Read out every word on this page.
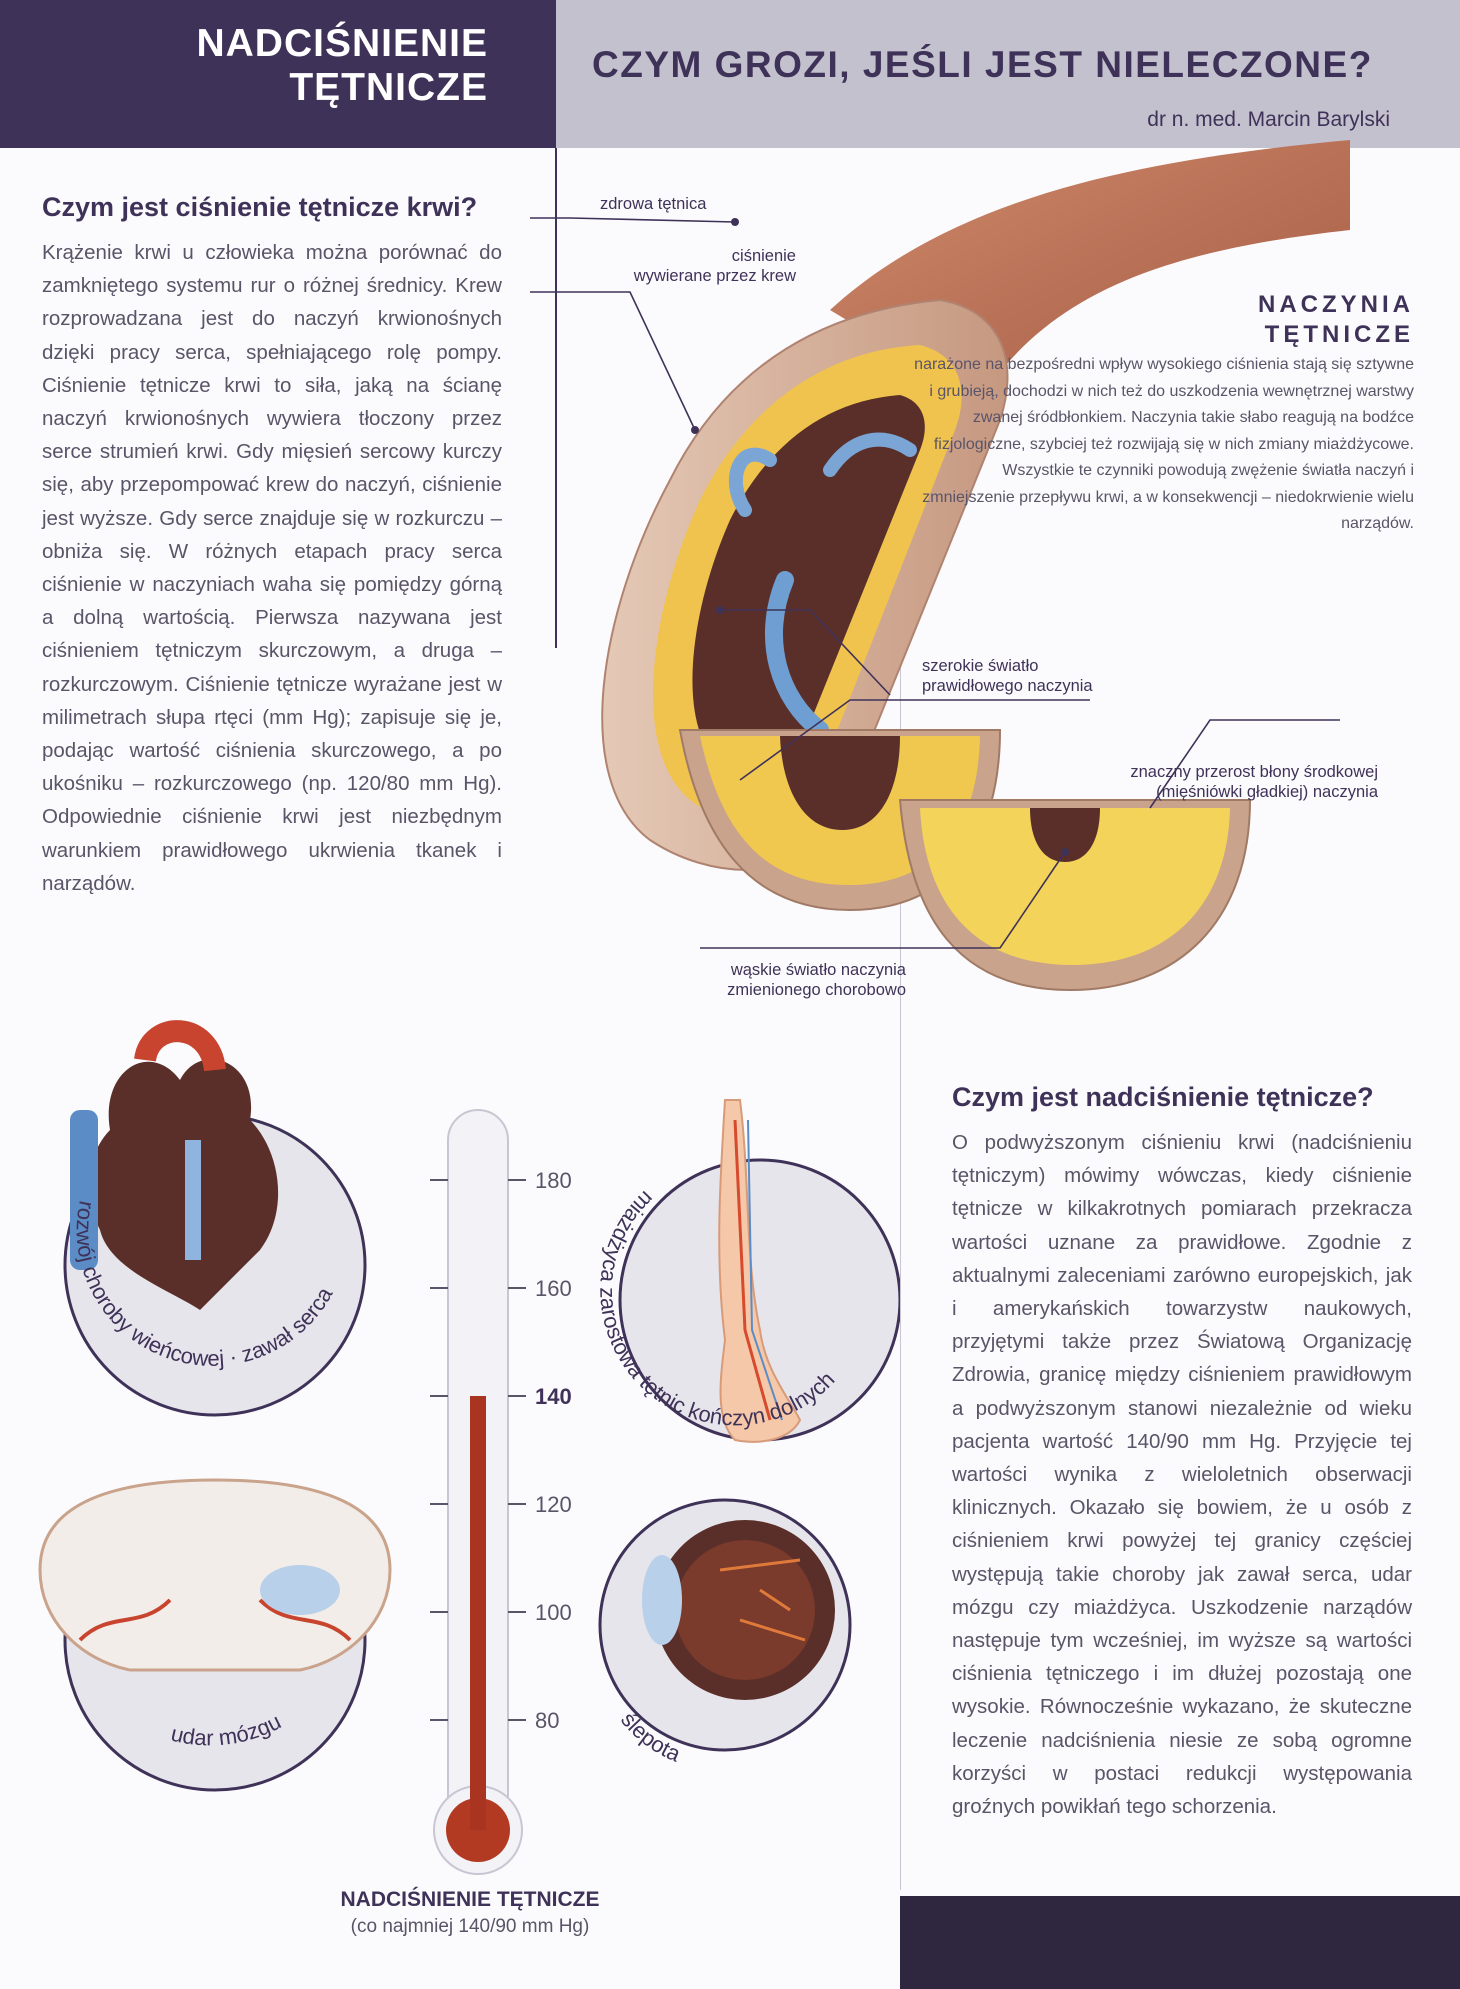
NADCIŚNIENIE
TĘTNICZE
CZYM GROZI, JEŚLI JEST NIELECZONE?
dr n. med. Marcin Barylski
Czym jest ciśnienie tętnicze krwi?
Krążenie krwi u człowieka można porównać do zamkniętego systemu rur o różnej średnicy. Krew rozprowadzana jest do naczyń krwionośnych dzięki pracy serca, spełniającego rolę pompy. Ciśnienie tętnicze krwi to siła, jaką na ścianę naczyń krwionośnych wywiera tłoczony przez serce strumień krwi. Gdy mięsień sercowy kurczy się, aby przepompować krew do naczyń, ciśnienie jest wyższe. Gdy serce znajduje się w rozkurczu – obniża się. W różnych etapach pracy serca ciśnienie w naczyniach waha się pomiędzy górną a dolną wartością. Pierwsza nazywana jest ciśnieniem tętniczym skurczowym, a druga – rozkurczowym. Ciśnienie tętnicze wyrażane jest w milimetrach słupa rtęci (mm Hg); zapisuje się je, podając wartość ciśnienia skurczowego, a po ukośniku – rozkurczowego (np. 120/80 mm Hg). Odpowiednie ciśnienie krwi jest niezbędnym warunkiem prawidłowego ukrwienia tkanek i narządów.
zdrowa tętnica
ciśnienie
wywierane przez krew
szerokie światło
prawidłowego naczynia
znaczny przerost błony środkowej
(mięśniówki gładkiej) naczynia
wąskie światło naczynia
zmienionego chorobowo
NACZYNIA
TĘTNICZE
narażone na bezpośredni wpływ wysokiego ciśnienia stają się sztywne i grubieją, dochodzi w nich też do uszkodzenia wewnętrznej warstwy zwanej śródbłonkiem. Naczynia takie słabo reagują na bodźce fizjologiczne, szybciej też rozwijają się w nich zmiany miażdżycowe. Wszystkie te czynniki powodują zwężenie światła naczyń i zmniejszenie przepływu krwi, a w konsekwencji – niedokrwienie wielu narządów.
Czym jest nadciśnienie tętnicze?
O podwyższonym ciśnieniu krwi (nadciśnieniu tętniczym) mówimy wówczas, kiedy ciśnienie tętnicze w kilkakrotnych pomiarach przekracza wartości uznane za prawidłowe. Zgodnie z aktualnymi zaleceniami zarówno europejskich, jak i amerykańskich towarzystw naukowych, przyjętymi także przez Światową Organizację Zdrowia, granicę między ciśnieniem prawidłowym a podwyższonym stanowi niezależnie od wieku pacjenta wartość 140/90 mm Hg. Przyjęcie tej wartości wynika z wieloletnich obserwacji klinicznych. Okazało się bowiem, że u osób z ciśnieniem krwi powyżej tej granicy częściej występują takie choroby jak zawał serca, udar mózgu czy miażdżyca. Uszkodzenie narządów następuje tym wcześniej, im wyższe są wartości ciśnienia tętniczego i im dłużej pozostają one wysokie. Równocześnie wykazano, że skuteczne leczenie nadciśnienia niesie ze sobą ogromne korzyści w postaci redukcji występowania groźnych powikłań tego schorzenia.
rozwój choroby wieńcowej · zawał serca
miażdżyca zarostowa tętnic kończyn dolnych
udar mózgu	ślepota
180
160
140
120
100
80
NADCIŚNIENIE TĘTNICZE
(co najmniej 140/90 mm Hg)
